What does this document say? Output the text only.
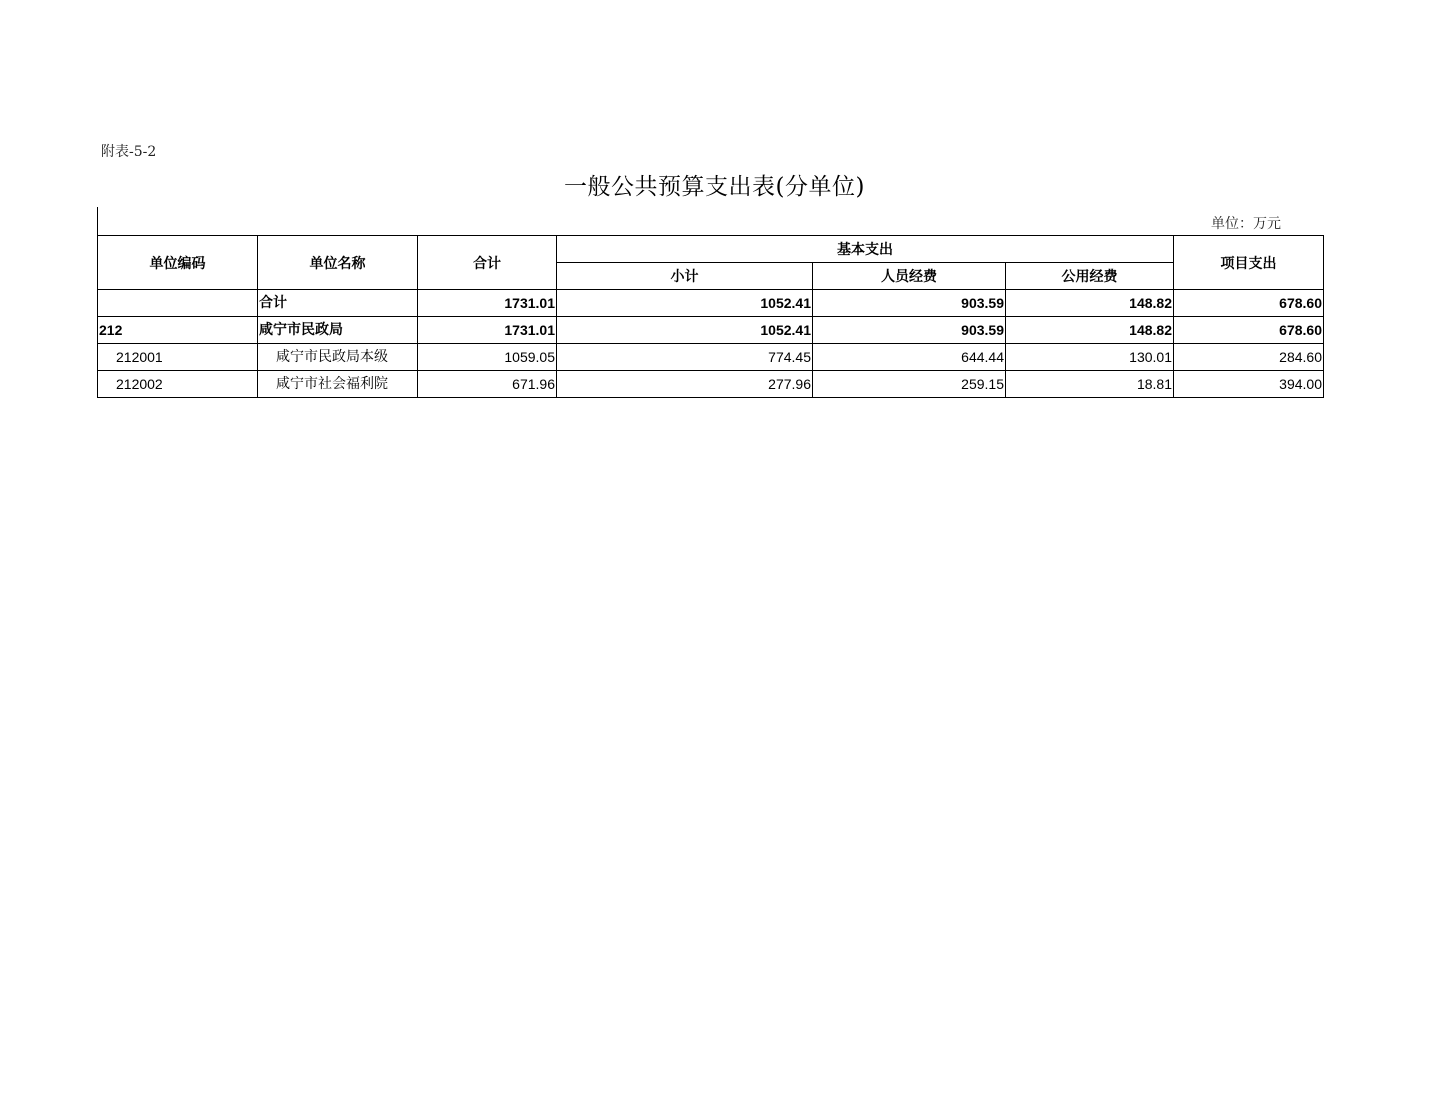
附表-5-2
一般公共预算支出表(分单位)
单位：万元
单位编码	单位名称	合计	基本支出			项目支出
			小计	人员经费	公用经费	
	合计	1731.01	1052.41	903.59	148.82	678.60
212	咸宁市民政局	1731.01	1052.41	903.59	148.82	678.60
212001	咸宁市民政局本级	1059.05	774.45	644.44	130.01	284.60
212002	咸宁市社会福利院	671.96	277.96	259.15	18.81	394.00
